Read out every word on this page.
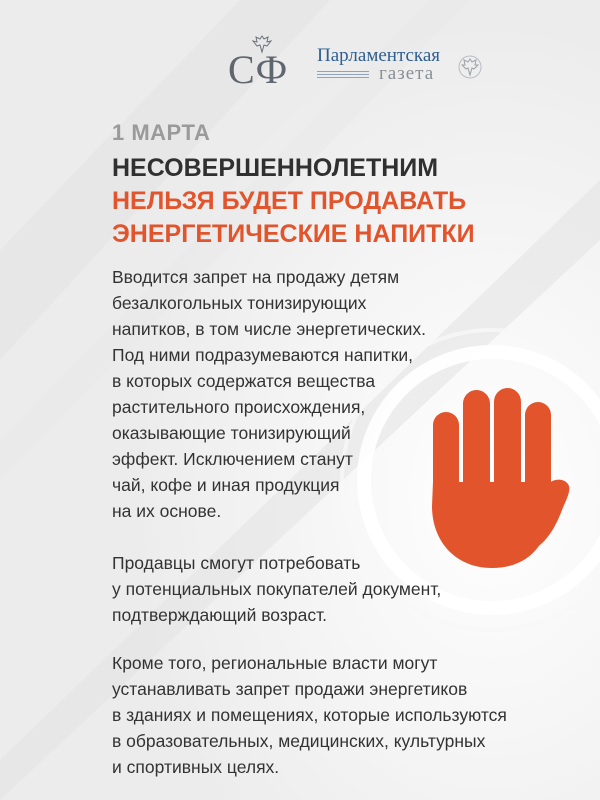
СФ Парламентская
газета
1 МАРТА
НЕСОВЕРШЕННОЛЕТНИМ
НЕЛЬЗЯ БУДЕТ ПРОДАВАТЬ
ЭНЕРГЕТИЧЕСКИЕ НАПИТКИ
Вводится запрет на продажу детям
безалкогольных тонизирующих
напитков, в том числе энергетических.
Под ними подразумеваются напитки,
в которых содержатся вещества
растительного происхождения,
оказывающие тонизирующий
эффект. Исключением станут
чай, кофе и иная продукция
на их основе.
Продавцы смогут потребовать
у потенциальных покупателей документ,
подтверждающий возраст.
Кроме того, региональные власти могут
устанавливать запрет продажи энергетиков
в зданиях и помещениях, которые используются
в образовательных, медицинских, культурных
и спортивных целях.
